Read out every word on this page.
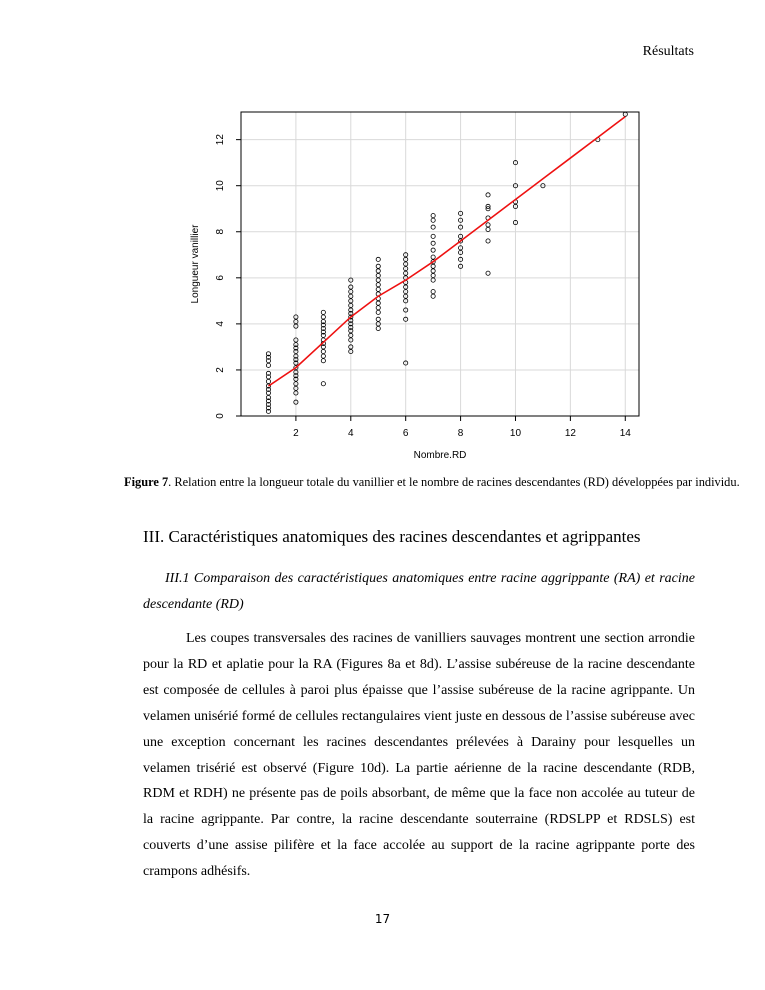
Résultats
2	4	6	8	10	12	14
0
2
4
6
8
10
12
Nombre.RD
Longueur vanillier
Figure 7. Relation entre la longueur totale du vanillier et le nombre de racines descendantes (RD) développées par individu.
III. Caractéristiques anatomiques des racines descendantes et agrippantes
III.1 Comparaison des caractéristiques anatomiques entre racine aggrippante (RA) et racine descendante (RD)
Les coupes transversales des racines de vanilliers sauvages montrent une section arrondie pour la RD et aplatie pour la RA (Figures 8a et 8d). L’assise subéreuse de la racine descendante est composée de cellules à paroi plus épaisse que l’assise subéreuse de la racine agrippante. Un velamen unisérié formé de cellules rectangulaires vient juste en dessous de l’assise subéreuse avec une exception concernant les racines descendantes prélevées à Darainy pour lesquelles un velamen trisérié est observé (Figure 10d). La partie aérienne de la racine descendante (RDB, RDM et RDH) ne présente pas de poils absorbant, de même que la face non accolée au tuteur de la racine agrippante. Par contre, la racine descendante souterraine (RDSLPP et RDSLS) est couverts d’une assise pilifère et la face accolée au support de la racine agrippante porte des crampons adhésifs.
17
